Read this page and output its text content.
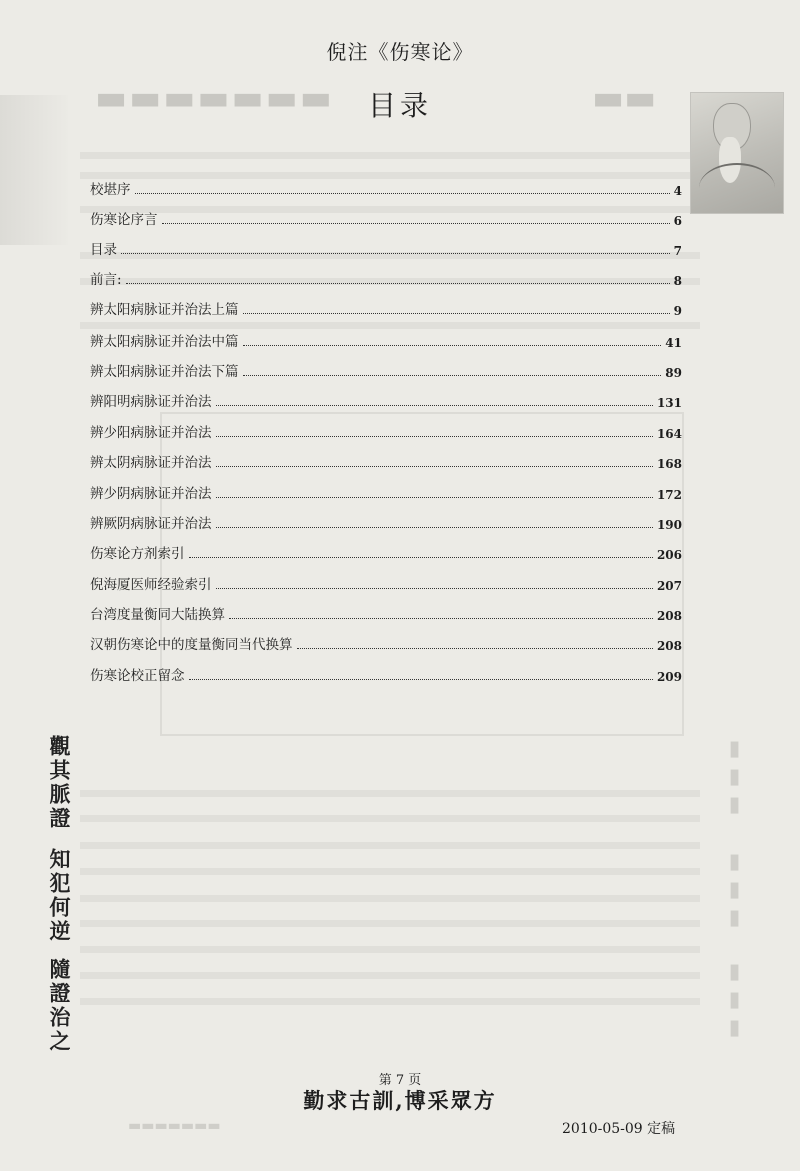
▬▬▬▬▬▬▬	▬▬
倪注《伤寒论》
目录
校堪序	4
伤寒论序言	6
目录	7
前言:	8
辨太阳病脉证并治法上篇	9
辨太阳病脉证并治法中篇	41
辨太阳病脉证并治法下篇	89
辨阳明病脉证并治法	131
辨少阳病脉证并治法	164
辨太阴病脉证并治法	168
辨少阴病脉证并治法	172
辨厥阴病脉证并治法	190
伤寒论方剂索引	206
倪海厦医师经验索引	207
台湾度量衡同大陆换算	208
汉朝伤寒论中的度量衡同当代换算	208
伤寒论校正留念	209
觀其脈證
知犯何逆
隨證治之
▮▮▮
▮▮▮
▮▮▮
第 7 页
勤求古訓,博采眾方
▬▬▬▬▬▬▬	2010-05-09 定稿
